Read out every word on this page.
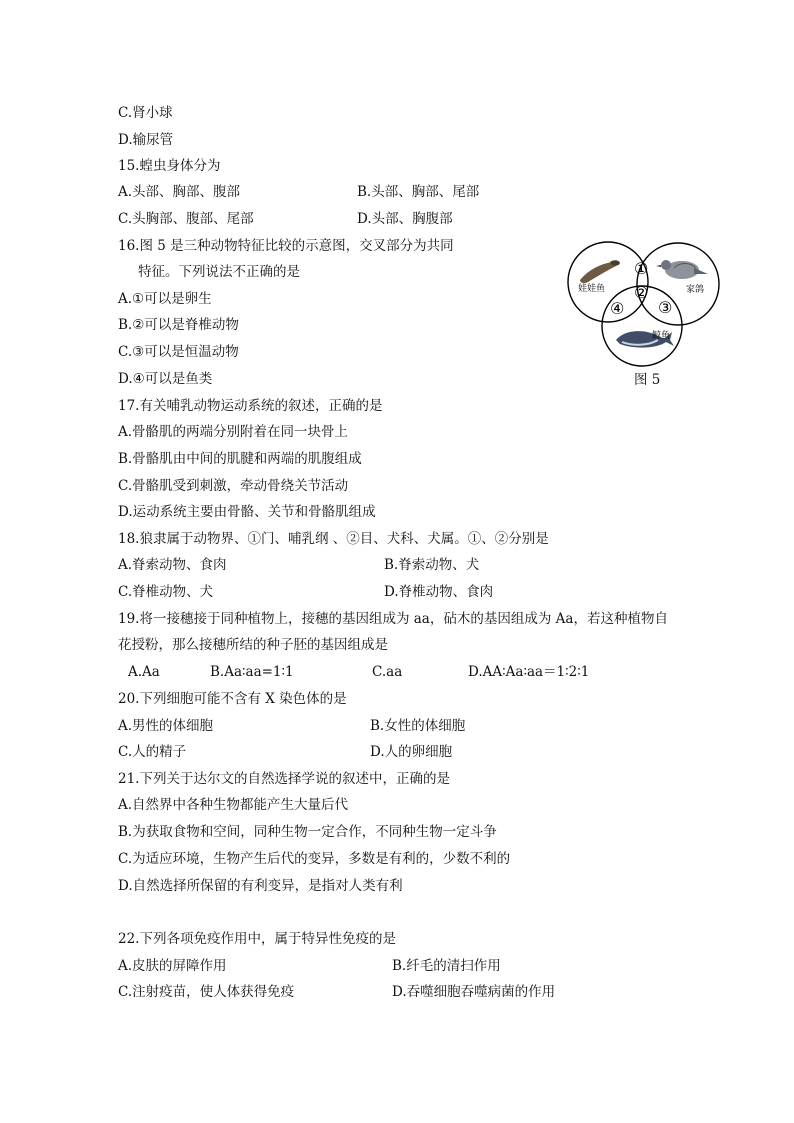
C.肾小球
D.输尿管
15.蝗虫身体分为
A.头部、胸部、腹部	B.头部、胸部、尾部
C.头胸部、腹部、尾部	D.头部、胸腹部
16.图 5 是三种动物特征比较的示意图，交叉部分为共同
特征。下列说法不正确的是
A.①可以是卵生
B.②可以是脊椎动物
C.③可以是恒温动物
D.④可以是鱼类
娃娃鱼	家鸽
鲸鱼
①
②
③
④
图 5
17.有关哺乳动物运动系统的叙述，正确的是
A.骨骼肌的两端分别附着在同一块骨上
B.骨骼肌由中间的肌腱和两端的肌腹组成
C.骨骼肌受到刺激，牵动骨绕关节活动
D.运动系统主要由骨骼、关节和骨骼肌组成
18.狼隶属于动物界、①门、哺乳纲 、②目、犬科、犬属。①、②分别是
A.脊索动物、食肉	B.脊索动物、犬
C.脊椎动物、犬	D.脊椎动物、食肉
19.将一接穗接于同种植物上，接穗的基因组成为 aa，砧木的基因组成为 Aa，若这种植物自
花授粉，那么接穗所结的种子胚的基因组成是
A.Aa	B.Aa∶aa=1∶1	C.aa	D.AA∶Aa∶aa＝1∶2∶1
20.下列细胞可能不含有 X 染色体的是
A.男性的体细胞	B.女性的体细胞
C.人的精子	D.人的卵细胞
21.下列关于达尔文的自然选择学说的叙述中，正确的是
A.自然界中各种生物都能产生大量后代
B.为获取食物和空间，同种生物一定合作，不同种生物一定斗争
C.为适应环境，生物产生后代的变异，多数是有利的，少数不利的
D.自然选择所保留的有利变异，是指对人类有利
22.下列各项免疫作用中，属于特异性免疫的是
A.皮肤的屏障作用	B.纤毛的清扫作用
C.注射疫苗，使人体获得免疫	D.吞噬细胞吞噬病菌的作用
